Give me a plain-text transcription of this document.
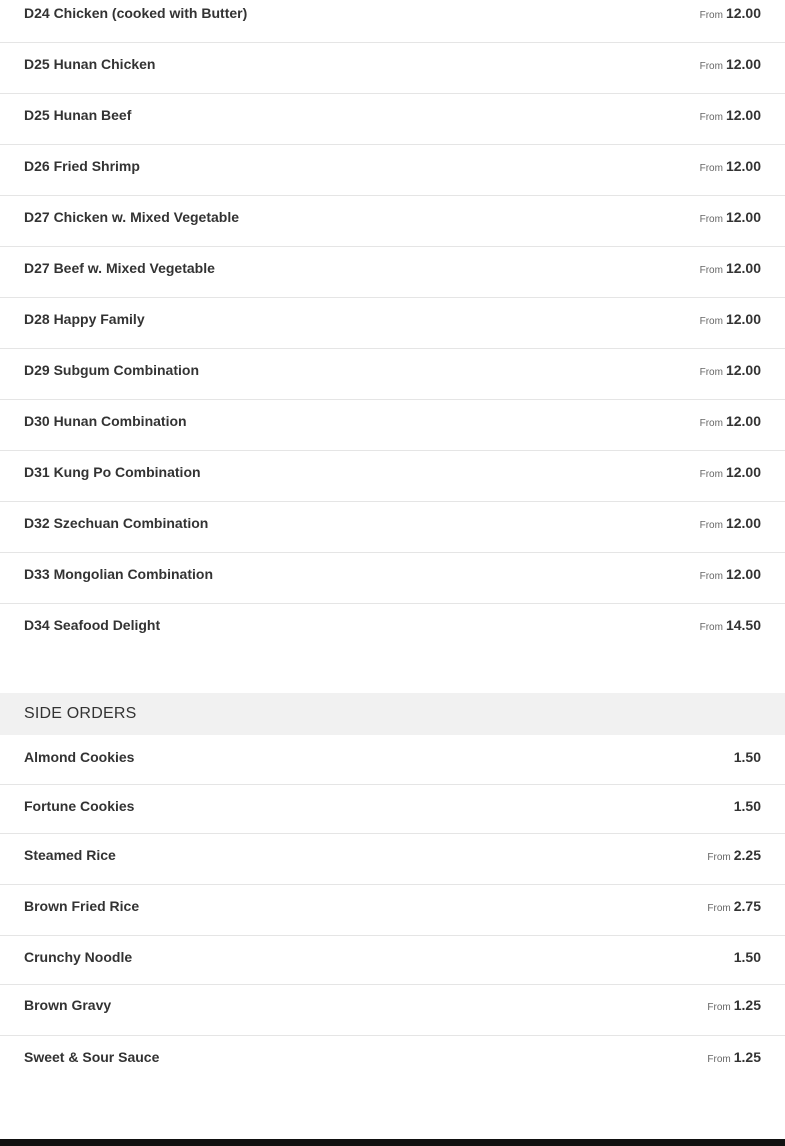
D24 Chicken (cooked with Butter)	From 12.00
D25 Hunan Chicken	From 12.00
D25 Hunan Beef	From 12.00
D26 Fried Shrimp	From 12.00
D27 Chicken w. Mixed Vegetable	From 12.00
D27 Beef w. Mixed Vegetable	From 12.00
D28 Happy Family	From 12.00
D29 Subgum Combination	From 12.00
D30 Hunan Combination	From 12.00
D31 Kung Po Combination	From 12.00
D32 Szechuan Combination	From 12.00
D33 Mongolian Combination	From 12.00
D34 Seafood Delight	From 14.50
SIDE ORDERS
Almond Cookies	1.50
Fortune Cookies	1.50
Steamed Rice	From 2.25
Brown Fried Rice	From 2.75
Crunchy Noodle	1.50
Brown Gravy	From 1.25
Sweet & Sour Sauce	From 1.25
